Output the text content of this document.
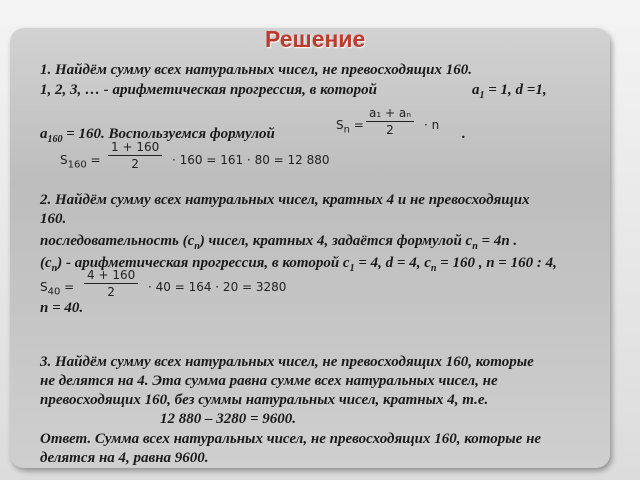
Решение
1. Найдём сумму всех натуральных чисел, не превосходящих 160.
1, 2, 3, … - арифметическая прогрессия, в которой	$a_1 = 1$, d =1,
$a_{160} = 160$. Воспользуемся формулой	.
$S_n = \frac{\text{a₁ + aₙ}}{2} \cdot n$
$S_{160} = \frac{1 + 160}{2} \cdot 160 = 161 \cdot 80 = 12$ 880
2. Найдём сумму всех натуральных чисел, кратных 4 и не превосходящих
160.
последовательность $(c_n)$ чисел, кратных 4, задаётся формулой $c_n = 4n$ .
$(c_n)$ - арифметическая прогрессия, в которой $c_1 = 4$, d = 4, $c_n = 160$ , n = 160 : 4,
$S_{40} = \frac{4 + 160}{2} \cdot 40 = 164 \cdot 20 = 3280$
n = 40.
3. Найдём сумму всех натуральных чисел, не превосходящих 160, которые
не делятся на 4. Эта сумма равна сумме всех натуральных чисел, не
превосходящих 160, без суммы натуральных чисел, кратных 4, т.е.
12 880 – 3280 = 9600.
Ответ. Сумма всех натуральных чисел, не превосходящих 160, которые не
делятся на 4, равна 9600.
